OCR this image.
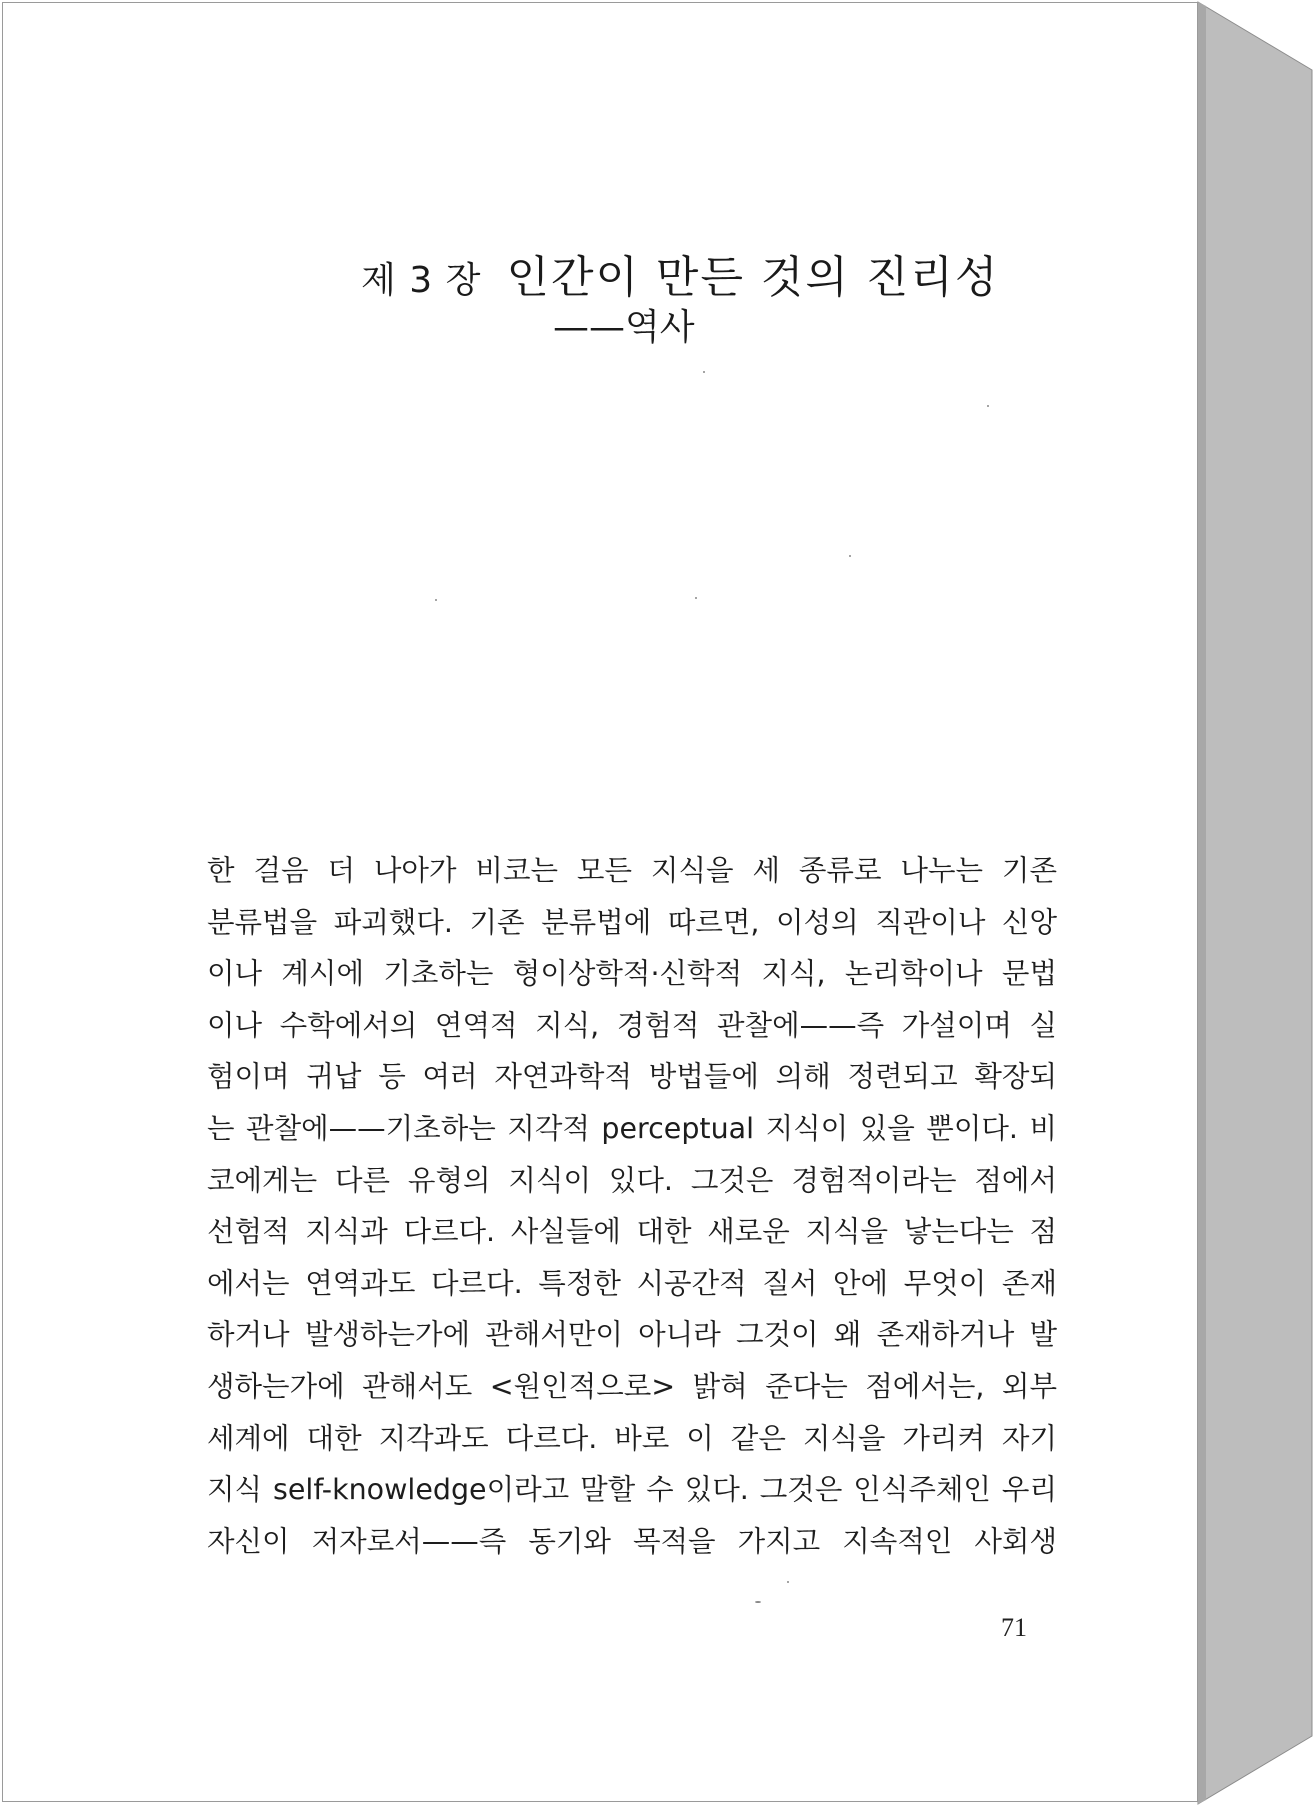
제 3 장 인간이 만든 것의 진리성
——역사
한 걸음 더 나아가 비코는 모든 지식을 세 종류로 나누는 기존
분류법을 파괴했다. 기존 분류법에 따르면, 이성의 직관이나 신앙
이나 계시에 기초하는 형이상학적·신학적 지식, 논리학이나 문법
이나 수학에서의 연역적 지식, 경험적 관찰에——즉 가설이며 실
험이며 귀납 등 여러 자연과학적 방법들에 의해 정련되고 확장되
는 관찰에——기초하는 지각적 perceptual 지식이 있을 뿐이다. 비
코에게는 다른 유형의 지식이 있다. 그것은 경험적이라는 점에서
선험적 지식과 다르다. 사실들에 대한 새로운 지식을 낳는다는 점
에서는 연역과도 다르다. 특정한 시공간적 질서 안에 무엇이 존재
하거나 발생하는가에 관해서만이 아니라 그것이 왜 존재하거나 발
생하는가에 관해서도 <원인적으로> 밝혀 준다는 점에서는, 외부
세계에 대한 지각과도 다르다. 바로 이 같은 지식을 가리켜 자기
지식 self-knowledge이라고 말할 수 있다. 그것은 인식주체인 우리
자신이 저자로서——즉 동기와 목적을 가지고 지속적인 사회생
71
